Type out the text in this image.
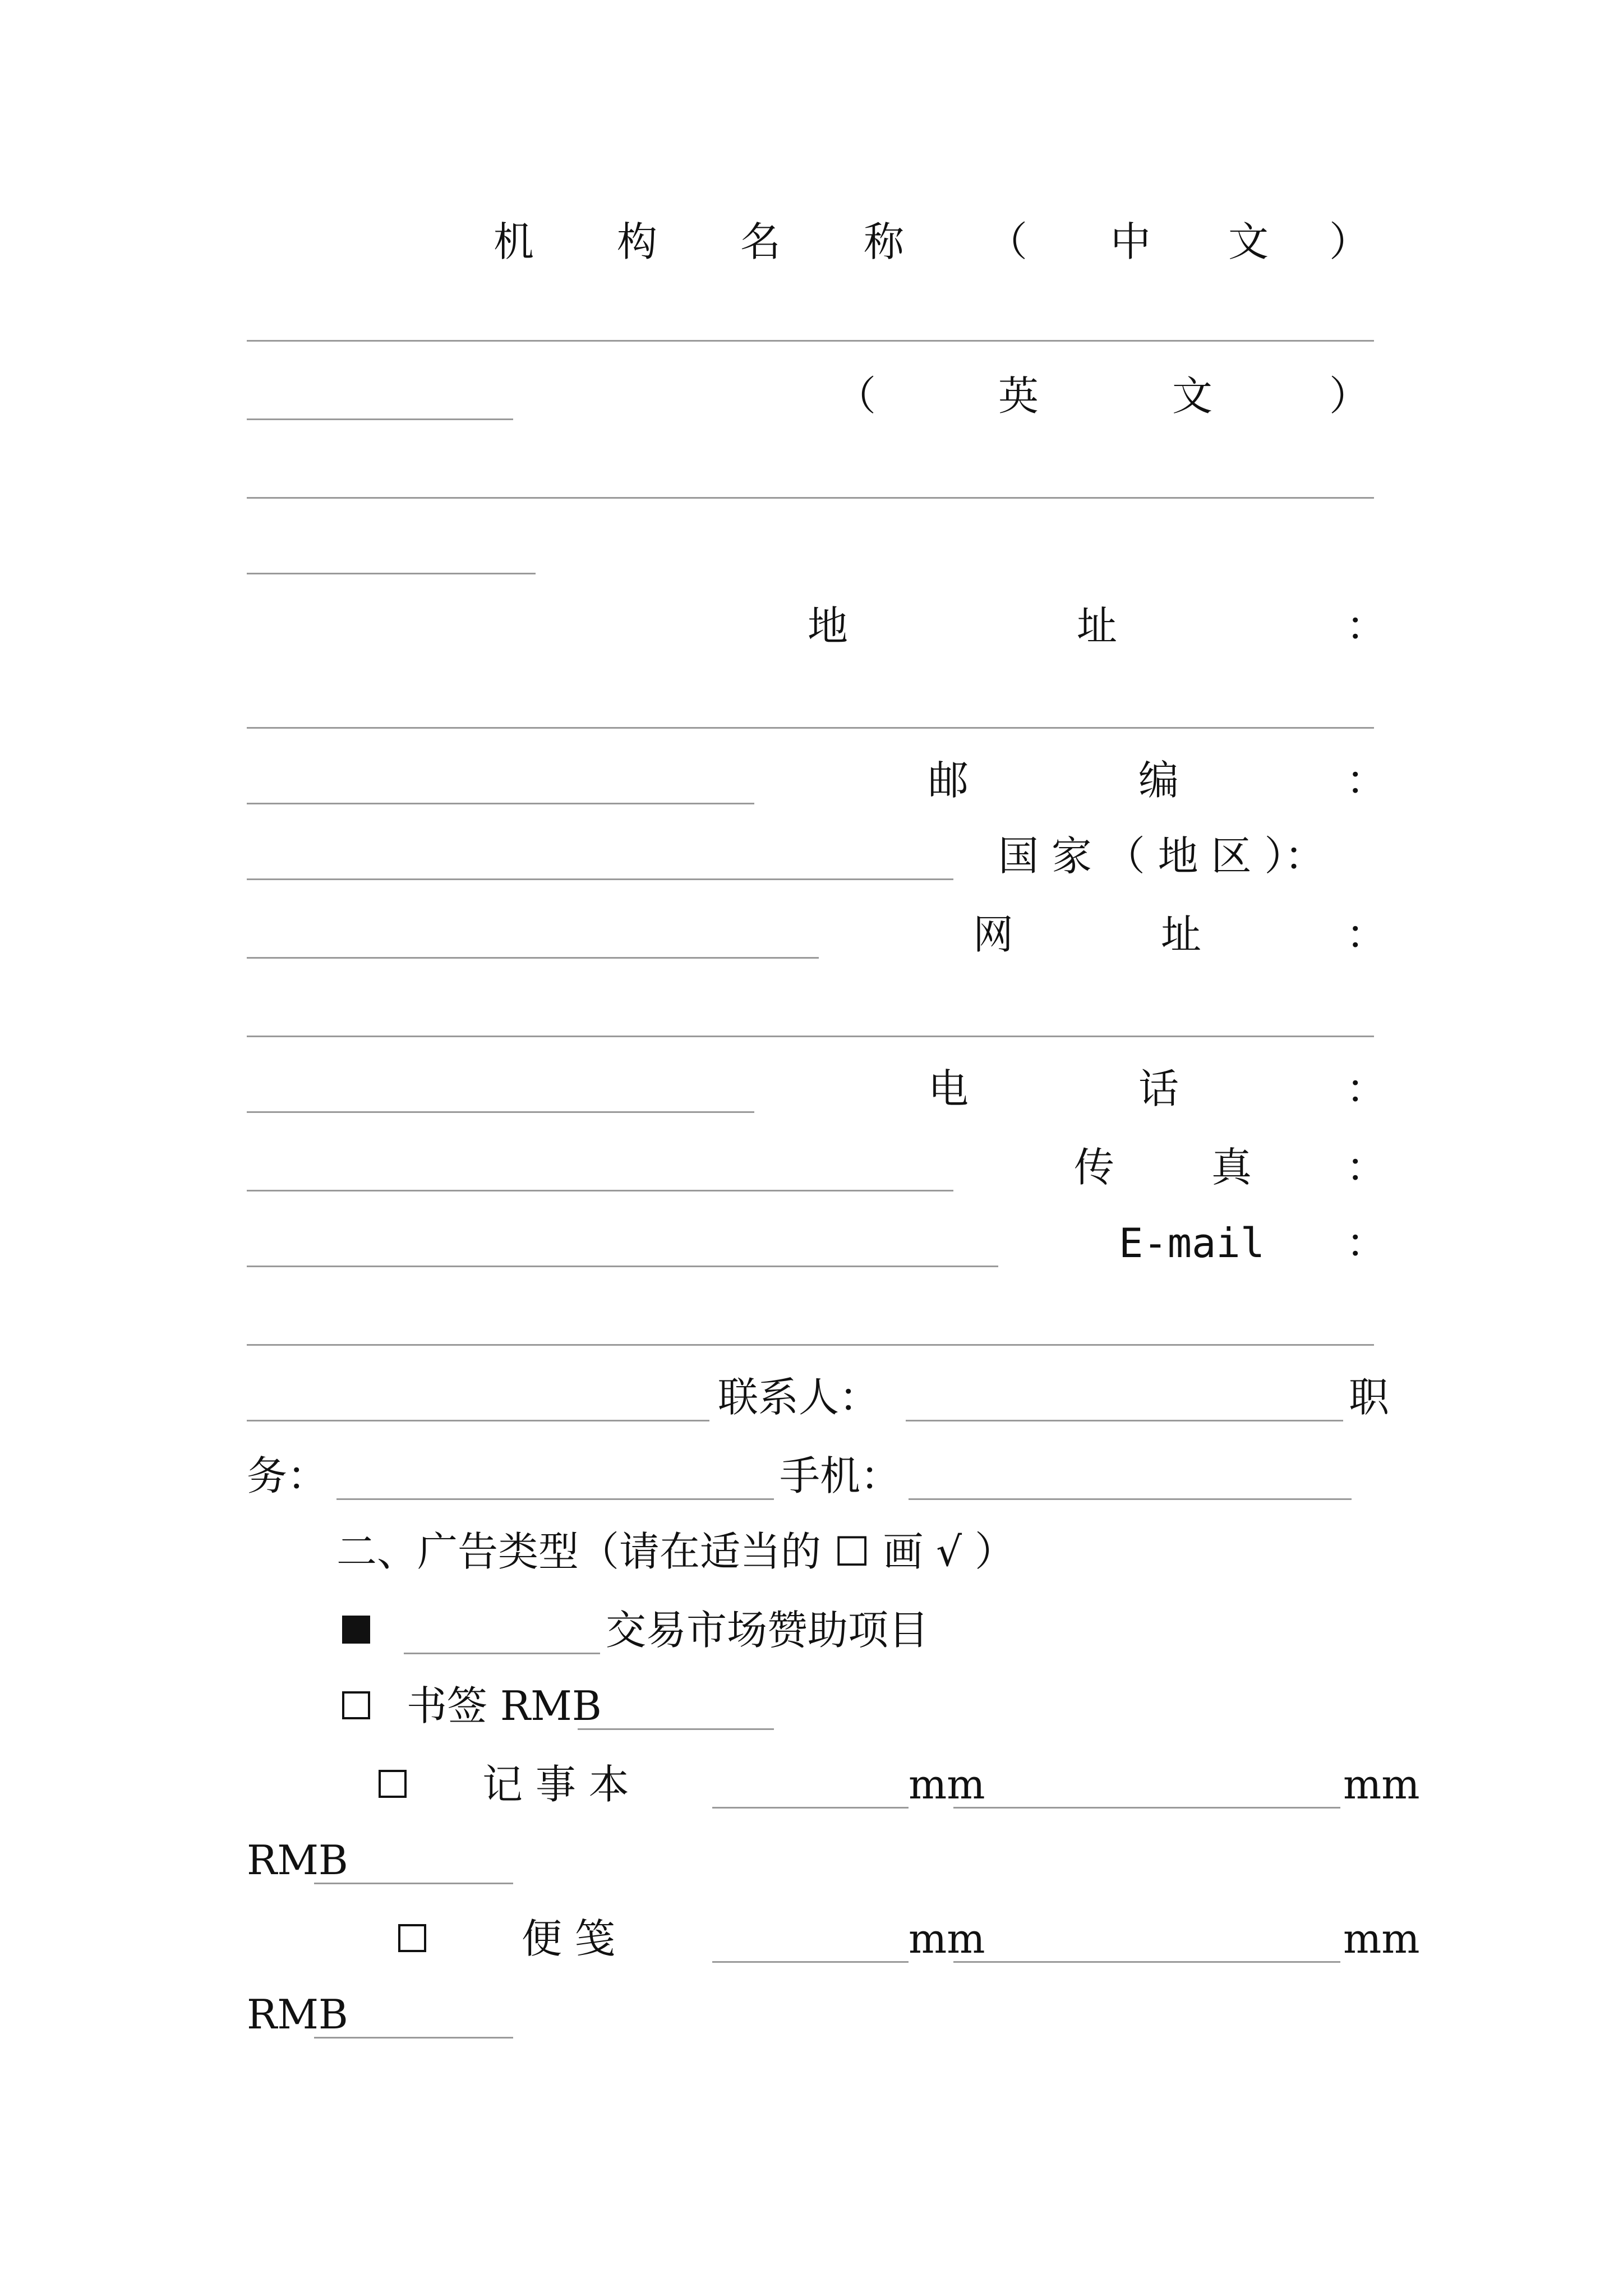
机 构 名 称 （ 中 文 ）
（	英	文	）
地	址	：
邮	编	：
国 家 （ 地 区 ）：
网	址	：
电	话	：
传 真 ：
E-mail ：
联系人：	职
务：	手机：
二、广告类型（请在适当的 ☐ 画 √ ）
交易市场赞助项目
书签 RMB
记 事 本	mm	mm
RMB
便 笺	mm	mm
RMB
